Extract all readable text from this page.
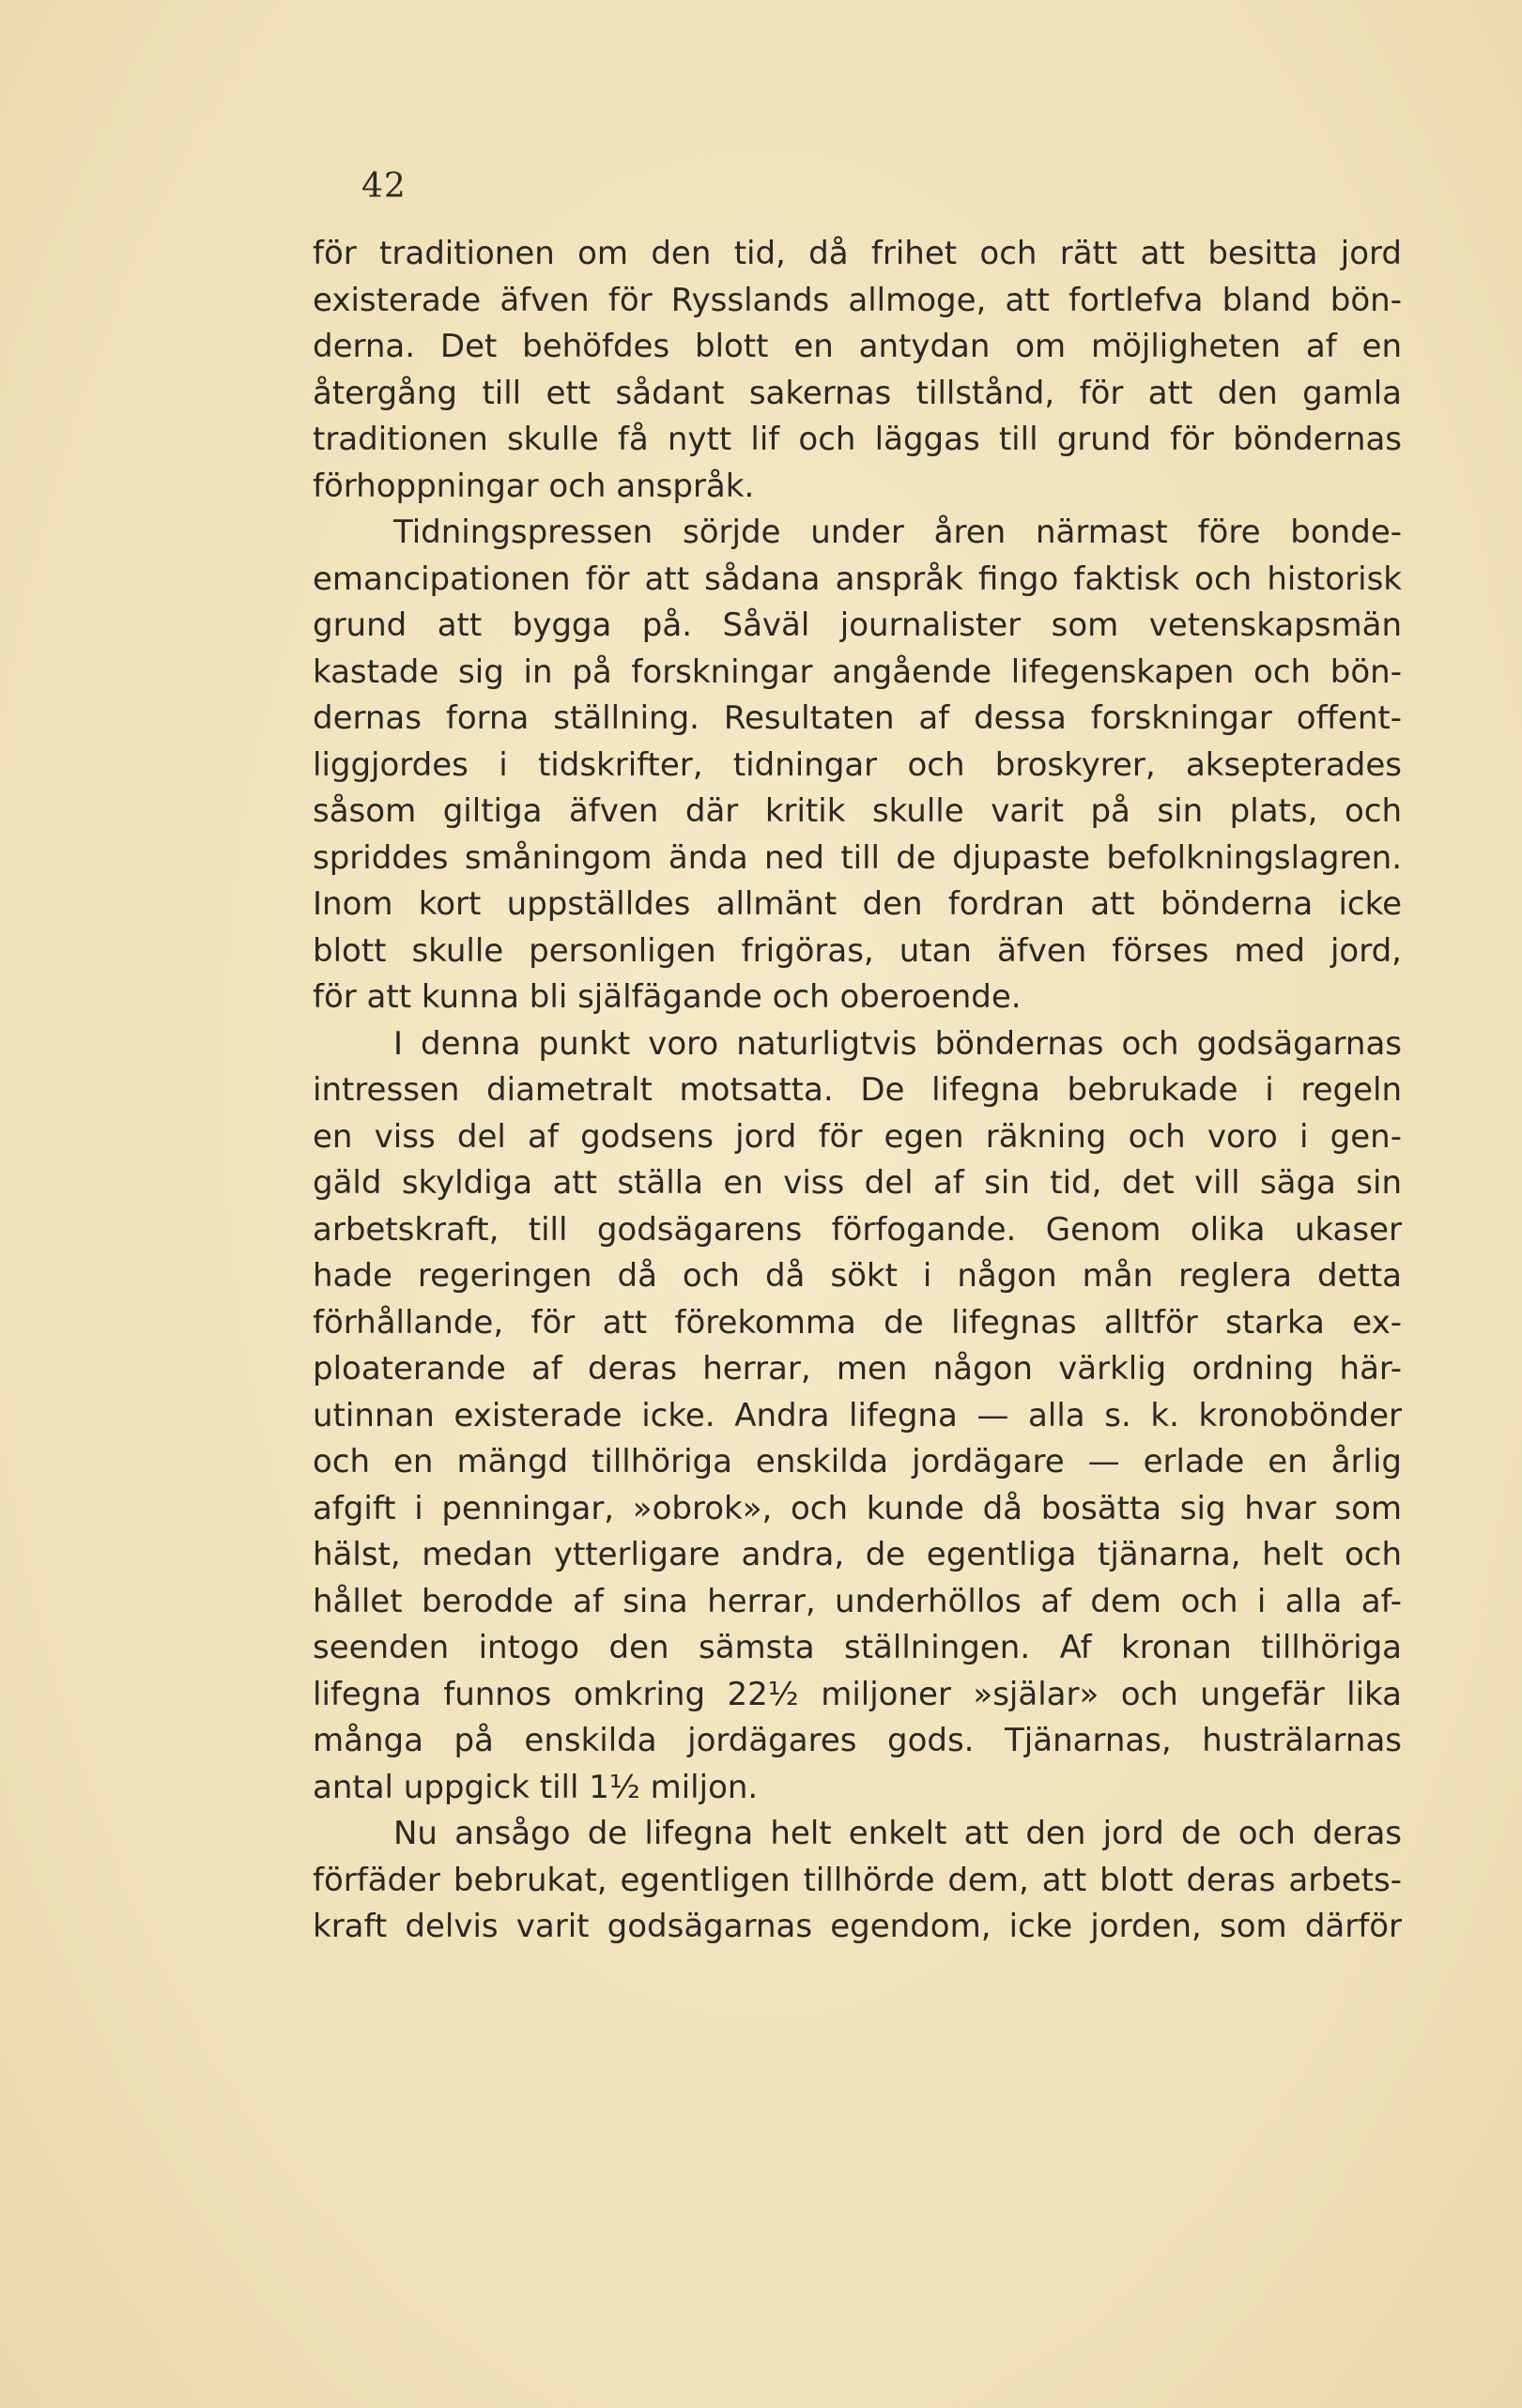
42
för traditionen om den tid, då frihet och rätt att besitta jord
existerade äfven för Rysslands allmoge, att fortlefva bland bön-
derna. Det behöfdes blott en antydan om möjligheten af en
återgång till ett sådant sakernas tillstånd, för att den gamla
traditionen skulle få nytt lif och läggas till grund för böndernas
förhoppningar och anspråk.
Tidningspressen sörjde under åren närmast före bonde-
emancipationen för att sådana anspråk fingo faktisk och historisk
grund att bygga på. Såväl journalister som vetenskapsmän
kastade sig in på forskningar angående lifegenskapen och bön-
dernas forna ställning. Resultaten af dessa forskningar offent-
liggjordes i tidskrifter, tidningar och broskyrer, aksepterades
såsom giltiga äfven där kritik skulle varit på sin plats, och
spriddes småningom ända ned till de djupaste befolkningslagren.
Inom kort uppställdes allmänt den fordran att bönderna icke
blott skulle personligen frigöras, utan äfven förses med jord,
för att kunna bli själfägande och oberoende.
I denna punkt voro naturligtvis böndernas och godsägarnas
intressen diametralt motsatta. De lifegna bebrukade i regeln
en viss del af godsens jord för egen räkning och voro i gen-
gäld skyldiga att ställa en viss del af sin tid, det vill säga sin
arbetskraft, till godsägarens förfogande. Genom olika ukaser
hade regeringen då och då sökt i någon mån reglera detta
förhållande, för att förekomma de lifegnas alltför starka ex-
ploaterande af deras herrar, men någon värklig ordning här-
utinnan existerade icke. Andra lifegna — alla s. k. kronobönder
och en mängd tillhöriga enskilda jordägare — erlade en årlig
afgift i penningar, »obrok», och kunde då bosätta sig hvar som
hälst, medan ytterligare andra, de egentliga tjänarna, helt och
hållet berodde af sina herrar, underhöllos af dem och i alla af-
seenden intogo den sämsta ställningen. Af kronan tillhöriga
lifegna funnos omkring 22½ miljoner »själar» och ungefär lika
många på enskilda jordägares gods. Tjänarnas, husträlarnas
antal uppgick till 1½ miljon.
Nu ansågo de lifegna helt enkelt att den jord de och deras
förfäder bebrukat, egentligen tillhörde dem, att blott deras arbets-
kraft delvis varit godsägarnas egendom, icke jorden, som därför
